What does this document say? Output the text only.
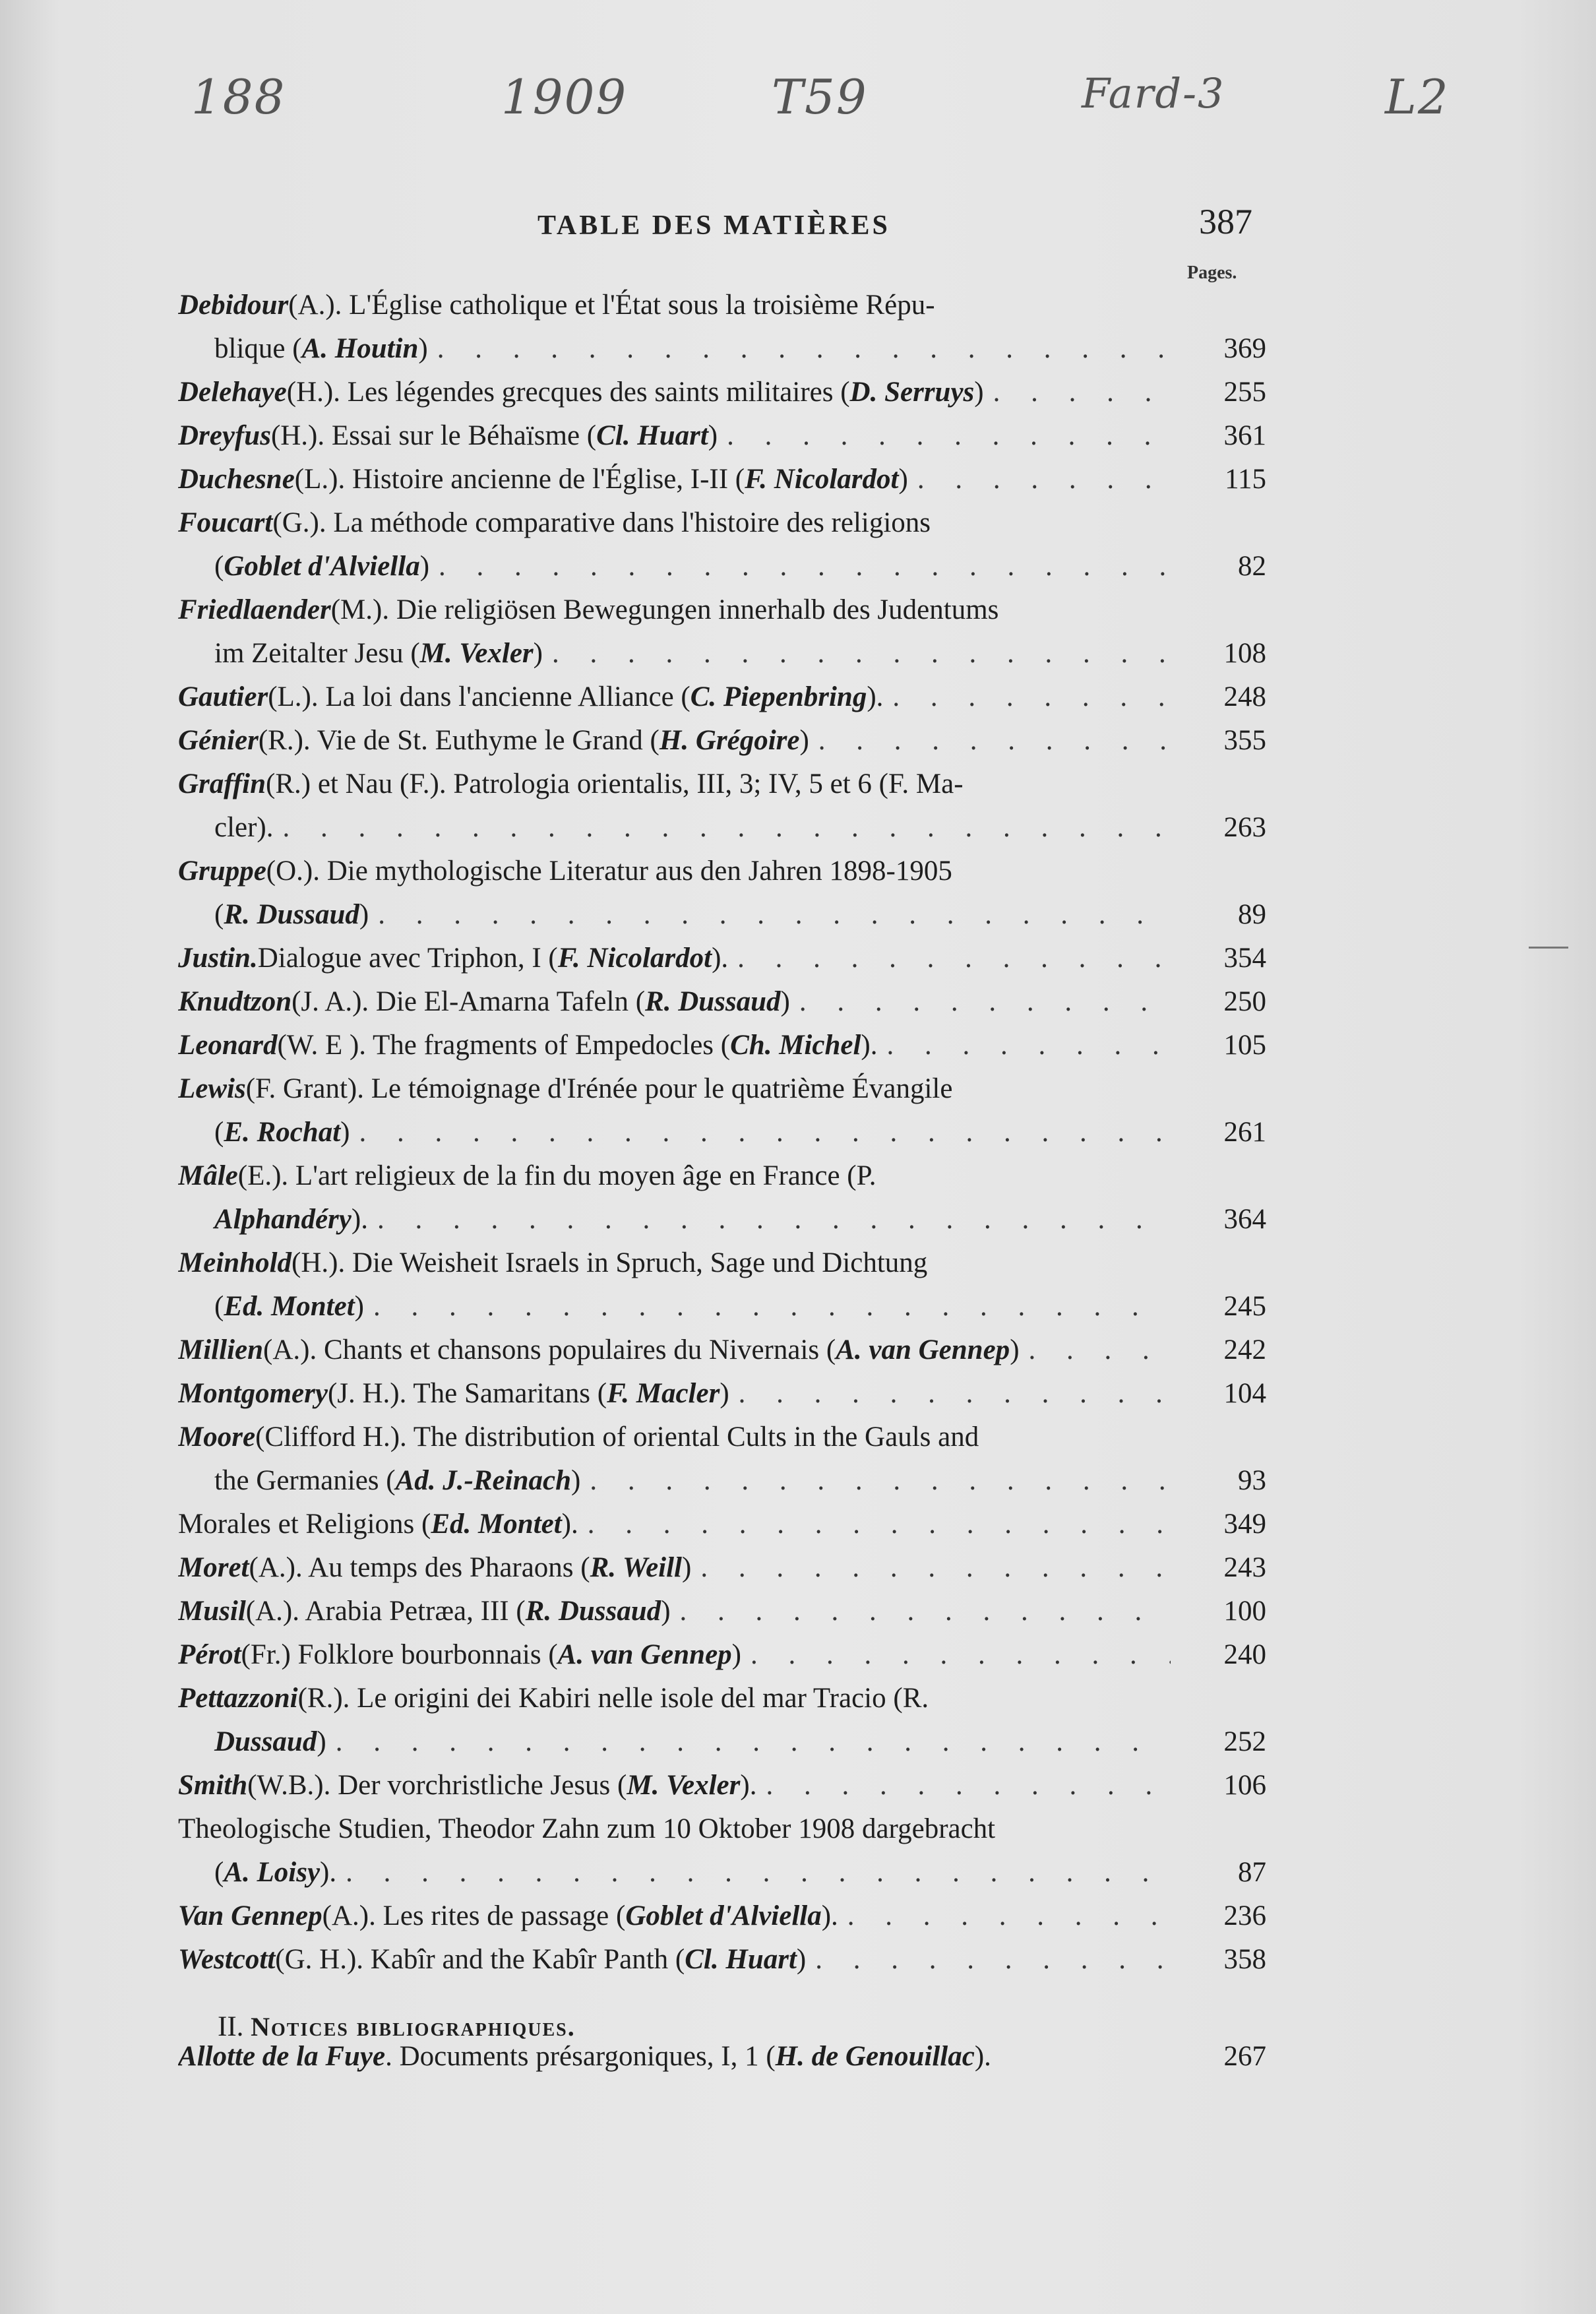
188	1909	T59	Fard-3	L2
TABLE DES MATIÈRES	387
Pages.
Debidour (A.). L'Église catholique et l'État sous la troisième Répu-
blique ( A. Houtin ) . . .	369
Delehaye (H.). Les légendes grecques des saints militaires ( D. Serruys ) . . .	255
Dreyfus (H.). Essai sur le Béhaïsme ( Cl. Huart ) . . .	361
Duchesne (L.). Histoire ancienne de l'Église, I-II ( F. Nicolardot ) . . .	115
Foucart (G.). La méthode comparative dans l'histoire des religions
( Goblet d'Alviella ) . . .	82
Friedlaender (M.). Die religiösen Bewegungen innerhalb des Judentums
im Zeitalter Jesu ( M. Vexler ) . . .	108
Gautier (L.). La loi dans l'ancienne Alliance ( C. Piepenbring ). . . .	248
Génier (R.). Vie de St. Euthyme le Grand ( H. Grégoire ) . . .	355
Graffin (R.) et Nau (F.). Patrologia orientalis, III, 3; IV, 5 et 6 (F. Ma-
cler). . . .	263
Gruppe (O.). Die mythologische Literatur aus den Jahren 1898-1905
( R. Dussaud ) . . .	89
Justin. Dialogue avec Triphon, I ( F. Nicolardot ). . . .	354
Knudtzon (J. A.). Die El-Amarna Tafeln ( R. Dussaud ) . . .	250
Leonard (W. E ). The fragments of Empedocles ( Ch. Michel ). . . .	105
Lewis (F. Grant). Le témoignage d'Irénée pour le quatrième Évangile
( E. Rochat ) . . .	261
Mâle (E.). L'art religieux de la fin du moyen âge en France (P.
Alphandéry ). . . .	364
Meinhold (H.). Die Weisheit Israels in Spruch, Sage und Dichtung
( Ed. Montet ) . . .	245
Millien (A.). Chants et chansons populaires du Nivernais ( A. van Gennep ) . . .	242
Montgomery (J. H.). The Samaritans ( F. Macler ) . . .	104
Moore (Clifford H.). The distribution of oriental Cults in the Gauls and
the Germanies ( Ad. J.-Reinach ) . . .	93
Morales et Religions ( Ed. Montet ). . . .	349
Moret (A.). Au temps des Pharaons ( R. Weill ) . . .	243
Musil (A.). Arabia Petræa, III ( R. Dussaud ) . . .	100
Pérot (Fr.) Folklore bourbonnais ( A. van Gennep ) . . .	240
Pettazzoni (R.). Le origini dei Kabiri nelle isole del mar Tracio (R.
Dussaud ) . . .	252
Smith (W.B.). Der vorchristliche Jesus ( M. Vexler ). . . .	106
Theologische Studien, Theodor Zahn zum 10 Oktober 1908 dargebracht
( A. Loisy ). . . .	87
Van Gennep (A.). Les rites de passage ( Goblet d'Alviella ). . . .	236
Westcott (G. H.). Kabîr and the Kabîr Panth ( Cl. Huart ) . . .	358
II. Notices bibliographiques.
Allotte de la Fuye . Documents présargoniques, I, 1 ( H. de Genouillac ).	267
